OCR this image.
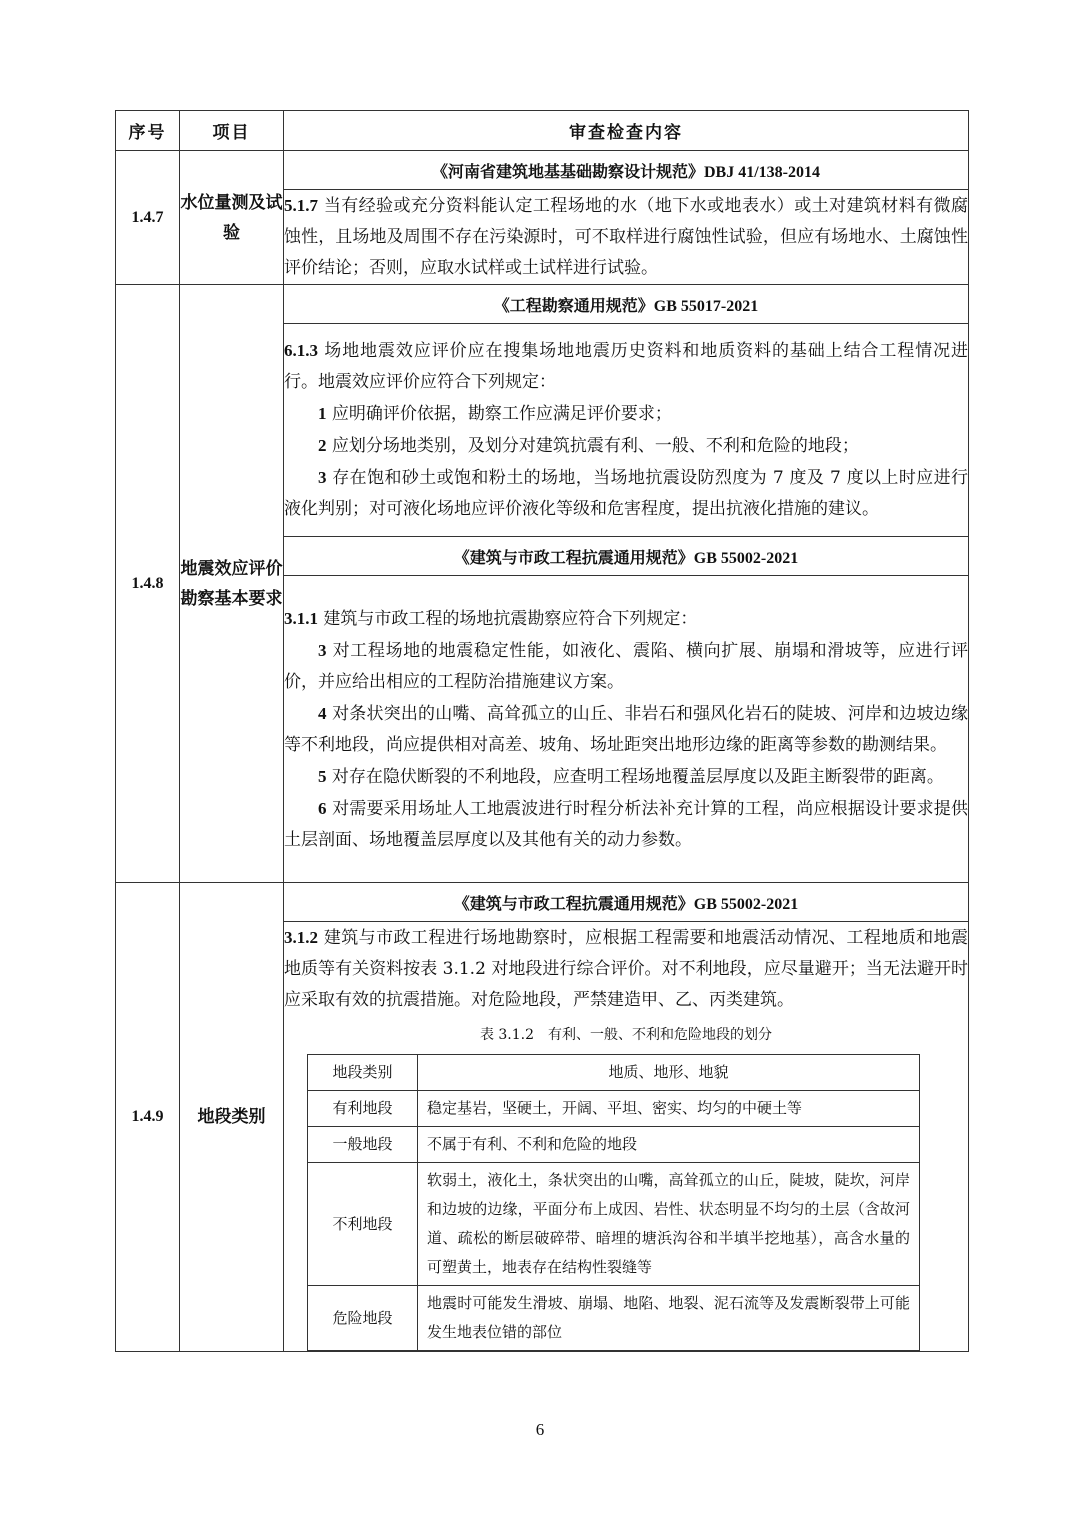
序号	项目	审查检查内容
1.4.7	水位量测及试验	《河南省建筑地基基础勘察设计规范》DBJ 41/138-2014

5.1.7 当有经验或充分资料能认定工程场地的水（地下水或地表水）或土对建筑材料有微腐蚀性，且场地及周围不存在污染源时，可不取样进行腐蚀性试验，但应有场地水、土腐蚀性评价结论；否则，应取水试样或土试样进行试验。

1.4.8	地震效应评价勘察基本要求	《工程勘察通用规范》GB 55017-2021

6.1.3 场地地震效应评价应在搜集场地地震历史资料和地质资料的基础上结合工程情况进行。地震效应评价应符合下列规定：

1 应明确评价依据，勘察工作应满足评价要求；

2 应划分场地类别，及划分对建筑抗震有利、一般、不利和危险的地段；

3 存在饱和砂土或饱和粉土的场地，当场地抗震设防烈度为 7 度及 7 度以上时应进行液化判别；对可液化场地应评价液化等级和危害程度，提出抗液化措施的建议。

《建筑与市政工程抗震通用规范》GB 55002-2021

3.1.1 建筑与市政工程的场地抗震勘察应符合下列规定：

3 对工程场地的地震稳定性能，如液化、震陷、横向扩展、崩塌和滑坡等，应进行评价，并应给出相应的工程防治措施建议方案。

4 对条状突出的山嘴、高耸孤立的山丘、非岩石和强风化岩石的陡坡、河岸和边坡边缘等不利地段，尚应提供相对高差、坡角、场址距突出地形边缘的距离等参数的勘测结果。

5 对存在隐伏断裂的不利地段，应查明工程场地覆盖层厚度以及距主断裂带的距离。

6 对需要采用场址人工地震波进行时程分析法补充计算的工程，尚应根据设计要求提供土层剖面、场地覆盖层厚度以及其他有关的动力参数。

1.4.9	地段类别	《建筑与市政工程抗震通用规范》GB 55002-2021

3.1.2 建筑与市政工程进行场地勘察时，应根据工程需要和地震活动情况、工程地质和地震地质等有关资料按表 3.1.2 对地段进行综合评价。对不利地段，应尽量避开；当无法避开时应采取有效的抗震措施。对危险地段，严禁建造甲、乙、丙类建筑。

表 3.1.2　有利、一般、不利和危险地段的划分
地段类别	地质、地形、地貌
有利地段	稳定基岩，坚硬土，开阔、平坦、密实、均匀的中硬土等
一般地段	不属于有利、不利和危险的地段
不利地段	软弱土，液化土，条状突出的山嘴，高耸孤立的山丘，陡坡，陡坎，河岸和边坡的边缘，平面分布上成因、岩性、状态明显不均匀的土层（含故河道、疏松的断层破碎带、暗埋的塘浜沟谷和半填半挖地基），高含水量的可塑黄土，地表存在结构性裂缝等
危险地段	地震时可能发生滑坡、崩塌、地陷、地裂、泥石流等及发震断裂带上可能发生地表位错的部位
6
